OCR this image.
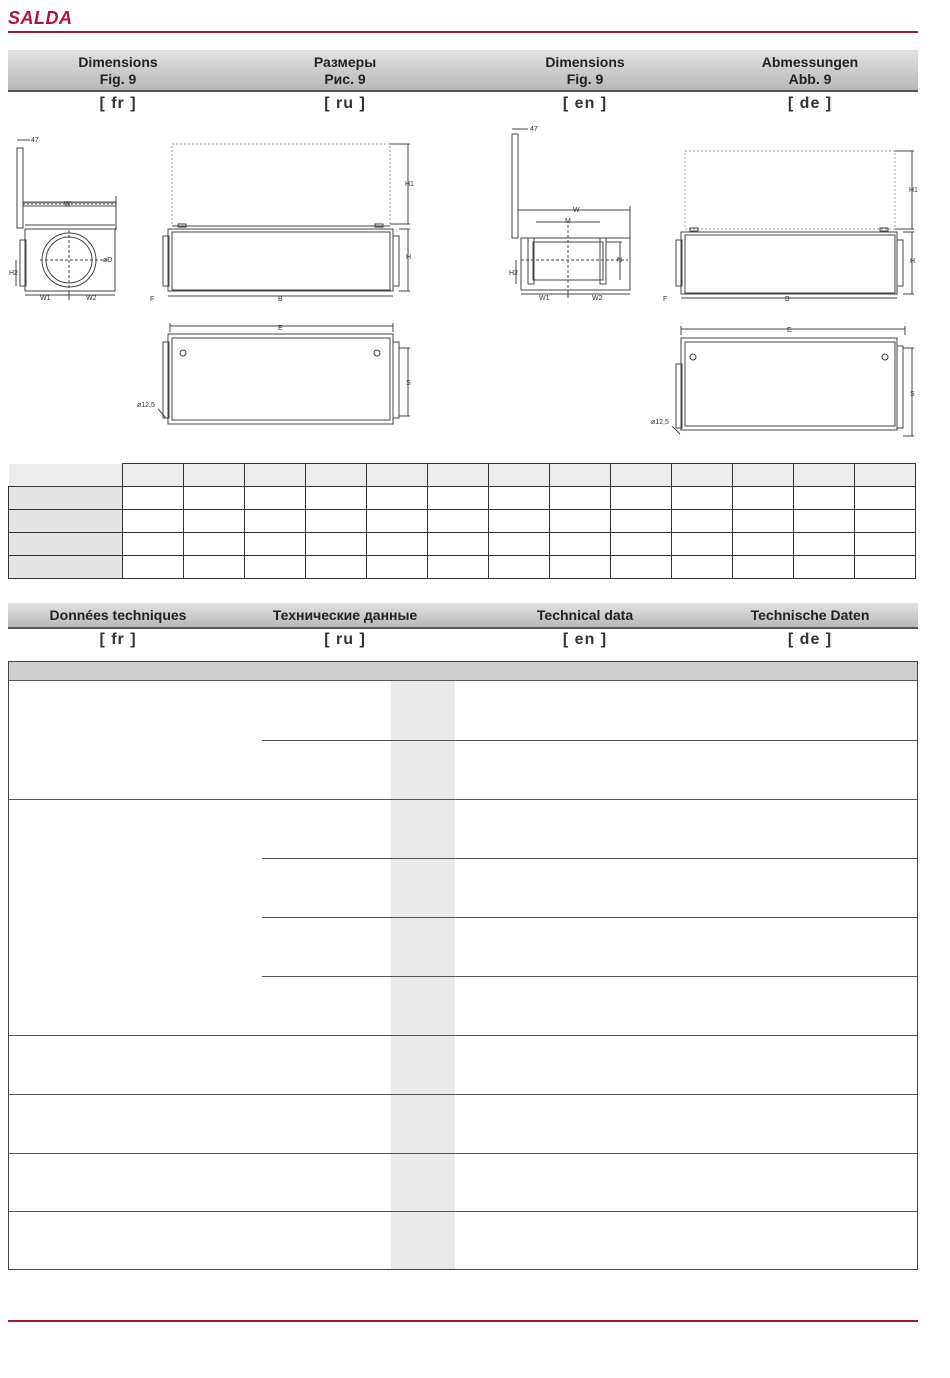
SALDA
Dimensions
Fig. 9
Размеры
Рис. 9
Dimensions
Fig. 9
Abmessungen
Abb. 9
[ fr ]	[ ru ]	[ en ]	[ de ]
47
W
øD
H2
W1	W2
H1
H
B
F
E
S
ø12,5
47
W
M
N
H2
W1	W2
H1
H
B
F
E
S
ø12,5

Données techniques	Технические данные	Technical data	Technische Daten
[ fr ]	[ ru ]	[ en ]	[ de ]
